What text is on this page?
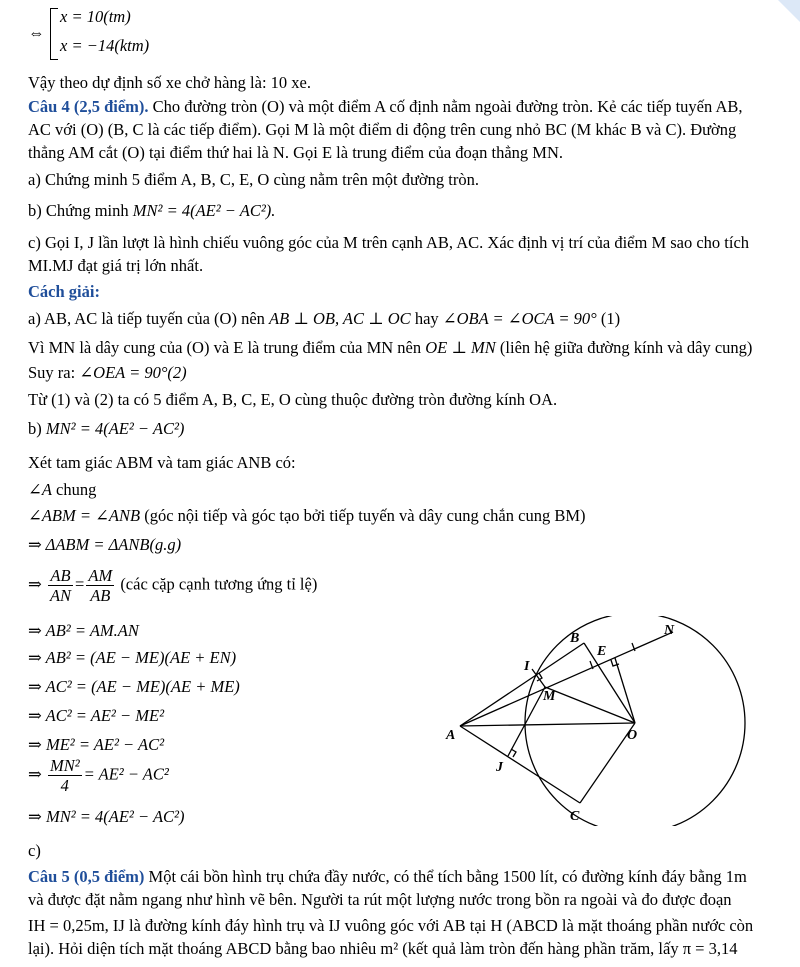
⇔
x = 10(tm)
x = −14(ktm)
Vậy theo dự định số xe chở hàng là: 10 xe.
Câu 4 (2,5 điểm). Cho đường tròn (O) và một điểm A cố định nằm ngoài đường tròn. Kẻ các tiếp tuyến AB,
AC với (O) (B, C là các tiếp điểm). Gọi M là một điểm di động trên cung nhỏ BC (M khác B và C). Đường
thẳng AM cắt (O) tại điểm thứ hai là N. Gọi E là trung điểm của đoạn thẳng MN.
a) Chứng minh 5 điểm A, B, C, E, O cùng nằm trên một đường tròn.
b) Chứng minh MN² = 4(AE² − AC²).
c) Gọi I, J lần lượt là hình chiếu vuông góc của M trên cạnh AB, AC. Xác định vị trí của điểm M sao cho tích
MI.MJ đạt giá trị lớn nhất.
Cách giải:
a) AB, AC là tiếp tuyến của (O) nên AB ⊥ OB, AC ⊥ OC hay ∠OBA = ∠OCA = 90° (1)
Vì MN là dây cung của (O) và E là trung điểm của MN nên OE ⊥ MN (liên hệ giữa đường kính và dây cung)
Suy ra: ∠OEA = 90°(2)
Từ (1) và (2) ta có 5 điểm A, B, C, E, O cùng thuộc đường tròn đường kính OA.
b) MN² = 4(AE² − AC²)
Xét tam giác ABM và tam giác ANB có:
∠A chung
∠ABM = ∠ANB (góc nội tiếp và góc tạo bởi tiếp tuyến và dây cung chắn cung BM)
⇒ ΔABM = ΔANB(g.g)
⇒ $\frac{AB}{AN} = \frac{AM}{AB}$ (các cặp cạnh tương ứng tỉ lệ)
⇒ AB² = AM.AN
⇒ AB² = (AE − ME)(AE + EN)
⇒ AC² = (AE − ME)(AE + ME)
⇒ AC² = AE² − ME²
⇒ ME² = AE² − AC²
⇒ $\frac{\text{MN²}}{4} = AE^2 - AC^2$
⇒ MN² = 4(AE² − AC²)
c)
Câu 5 (0,5 điểm) Một cái bồn hình trụ chứa đầy nước, có thể tích bằng 1500 lít, có đường kính đáy bằng 1m
và được đặt nằm ngang như hình vẽ bên. Người ta rút một lượng nước trong bồn ra ngoài và đo được đoạn
IH = 0,25m, IJ là đường kính đáy hình trụ và IJ vuông góc với AB tại H (ABCD là mặt thoáng phần nước còn
lại). Hỏi diện tích mặt thoáng ABCD bằng bao nhiêu m² (kết quả làm tròn đến hàng phần trăm, lấy π = 3,14
B
N
E
I
M
A	O
J
C
